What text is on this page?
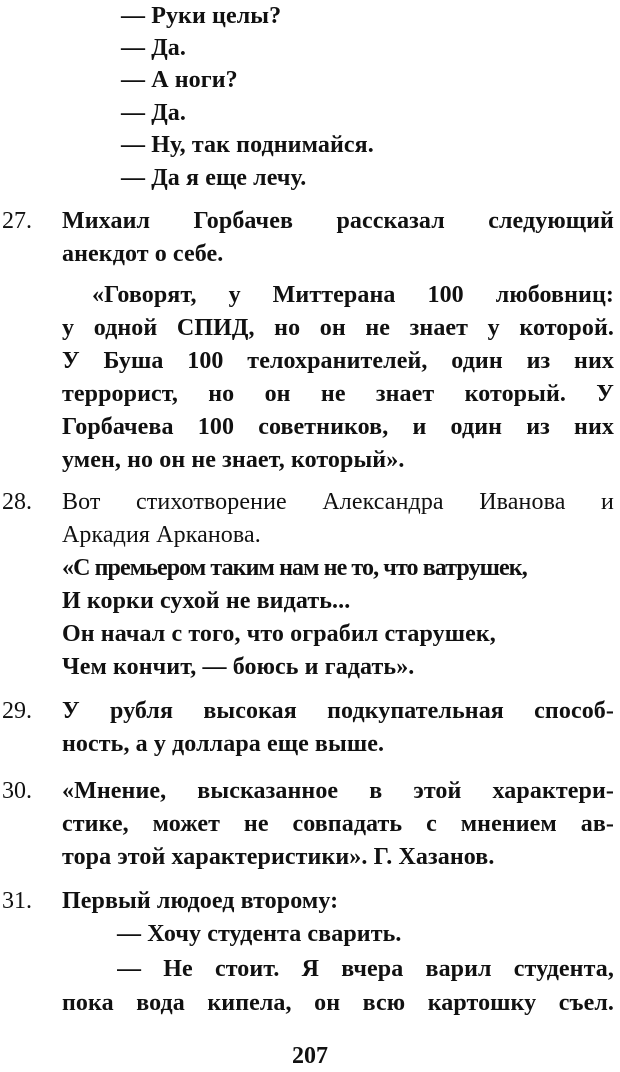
— Руки целы?
— Да.
— А ноги?
— Да.
— Ну, так поднимайся.
— Да я еще лечу.
27. Михаил Горбачев рассказал следующий
анекдот о себе.
«Говорят, у Миттерана 100 любовниц:
у одной СПИД, но он не знает у которой.
У Буша 100 телохранителей, один из них
террорист, но он не знает который. У
Горбачева 100 советников, и один из них
умен, но он не знает, который».
28. Вот стихотворение Александра Иванова и
Аркадия Арканова.
«С премьером таким нам не то, что ватрушек,
И корки сухой не видать...
Он начал с того, что ограбил старушек,
Чем кончит, — боюсь и гадать».
29. У рубля высокая подкупательная способ-
ность, а у доллара еще выше.
30. «Мнение, высказанное в этой характери-
стике, может не совпадать с мнением ав-
тора этой характеристики». Г. Хазанов.
31. Первый людоед второму:
— Хочу студента сварить.
— Не стоит. Я вчера варил студента,
пока вода кипела, он всю картошку съел.
207
